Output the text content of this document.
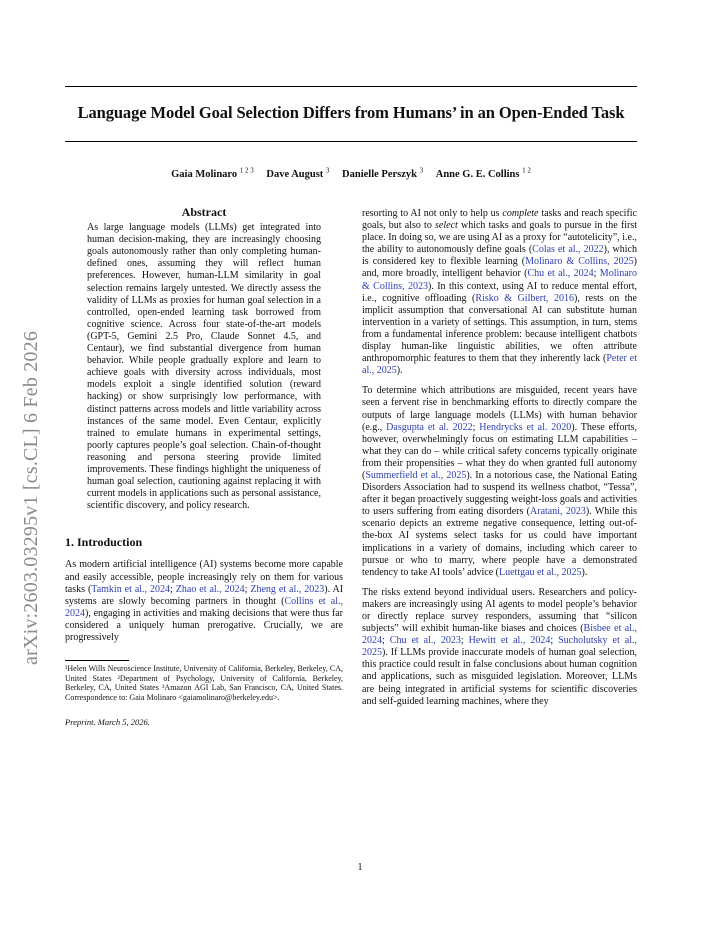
arXiv:2603.03295v1 [cs.CL] 6 Feb 2026
Language Model Goal Selection Differs from Humans’ in an Open-Ended Task
Gaia Molinaro $^{1 2 3}$ Dave August $^3$ Danielle Perszyk $^3$ Anne G. E. Collins $^{1 2}$
Abstract

As large language models (LLMs) get integrated into human decision-making, they are increasingly choosing goals autonomously rather than only completing human-defined ones, assuming they will reflect human preferences. However, human-LLM similarity in goal selection remains largely untested. We directly assess the validity of LLMs as proxies for human goal selection in a controlled, open-ended learning task borrowed from cognitive science. Across four state-of-the-art models (GPT-5, Gemini 2.5 Pro, Claude Sonnet 4.5, and Centaur), we find substantial divergence from human behavior. While people gradually explore and learn to achieve goals with diversity across individuals, most models exploit a single identified solution (reward hacking) or show surprisingly low performance, with distinct patterns across models and little variability across instances of the same model. Even Centaur, explicitly trained to emulate humans in experimental settings, poorly captures people’s goal selection. Chain-of-thought reasoning and persona steering provide limited improvements. These findings highlight the uniqueness of human goal selection, cautioning against replacing it with current models in applications such as personal assistance, scientific discovery, and policy research.

1. Introduction

As modern artificial intelligence (AI) systems become more capable and easily accessible, people increasingly rely on them for various tasks (Tamkin et al., 2024; Zhao et al., 2024; Zheng et al., 2023). AI systems are slowly becoming partners in thought (Collins et al., 2024), engaging in activities and making decisions that were thus far considered a uniquely human prerogative. Crucially, we are progressively

¹Helen Wills Neuroscience Institute, University of California, Berkeley, Berkeley, CA, United States ²Department of Psychology, University of California, Berkeley, Berkeley, CA, United States ³Amazon AGI Lab, San Francisco, CA, United States. Correspondence to: Gaia Molinaro <gaiamolinaro@berkeley.edu>.
Preprint. March 5, 2026.

resorting to AI not only to help us complete tasks and reach specific goals, but also to select which tasks and goals to pursue in the first place. In doing so, we are using AI as a proxy for “autotelicity”, i.e., the ability to autonomously define goals (Colas et al., 2022), which is considered key to flexible learning (Molinaro & Collins, 2025) and, more broadly, intelligent behavior (Chu et al., 2024; Molinaro & Collins, 2023). In this context, using AI to reduce mental effort, i.e., cognitive offloading (Risko & Gilbert, 2016), rests on the implicit assumption that conversational AI can substitute human intervention in a variety of settings. This assumption, in turn, stems from a fundamental inference problem: because intelligent chatbots display human-like linguistic abilities, we often attribute anthropomorphic features to them that they inherently lack (Peter et al., 2025).

To determine which attributions are misguided, recent years have seen a fervent rise in benchmarking efforts to directly compare the outputs of large language models (LLMs) with human behavior (e.g., Dasgupta et al. 2022; Hendrycks et al. 2020). These efforts, however, overwhelmingly focus on estimating LLM capabilities – what they can do – while critical safety concerns typically originate from their propensities – what they do when granted full autonomy (Summerfield et al., 2025). In a notorious case, the National Eating Disorders Association had to suspend its wellness chatbot, “Tessa”, after it began proactively suggesting weight-loss goals and activities to users suffering from eating disorders (Aratani, 2023). While this scenario depicts an extreme negative consequence, letting out-of-the-box AI systems select tasks for us could have important implications in a variety of domains, including which career to pursue or who to marry, where people have a demonstrated tendency to take AI tools’ advice (Luettgau et al., 2025).

The risks extend beyond individual users. Researchers and policy-makers are increasingly using AI agents to model people’s behavior or directly replace survey responders, assuming that “silicon subjects” will exhibit human-like biases and choices (Bisbee et al., 2024; Chu et al., 2023; Hewitt et al., 2024; Sucholutsky et al., 2025). If LLMs provide inaccurate models of human goal selection, this practice could result in false conclusions about human cognition and applications, such as misguided legislation. Moreover, LLMs are being integrated in artificial systems for scientific discoveries and self-guided learning machines, where they

1
